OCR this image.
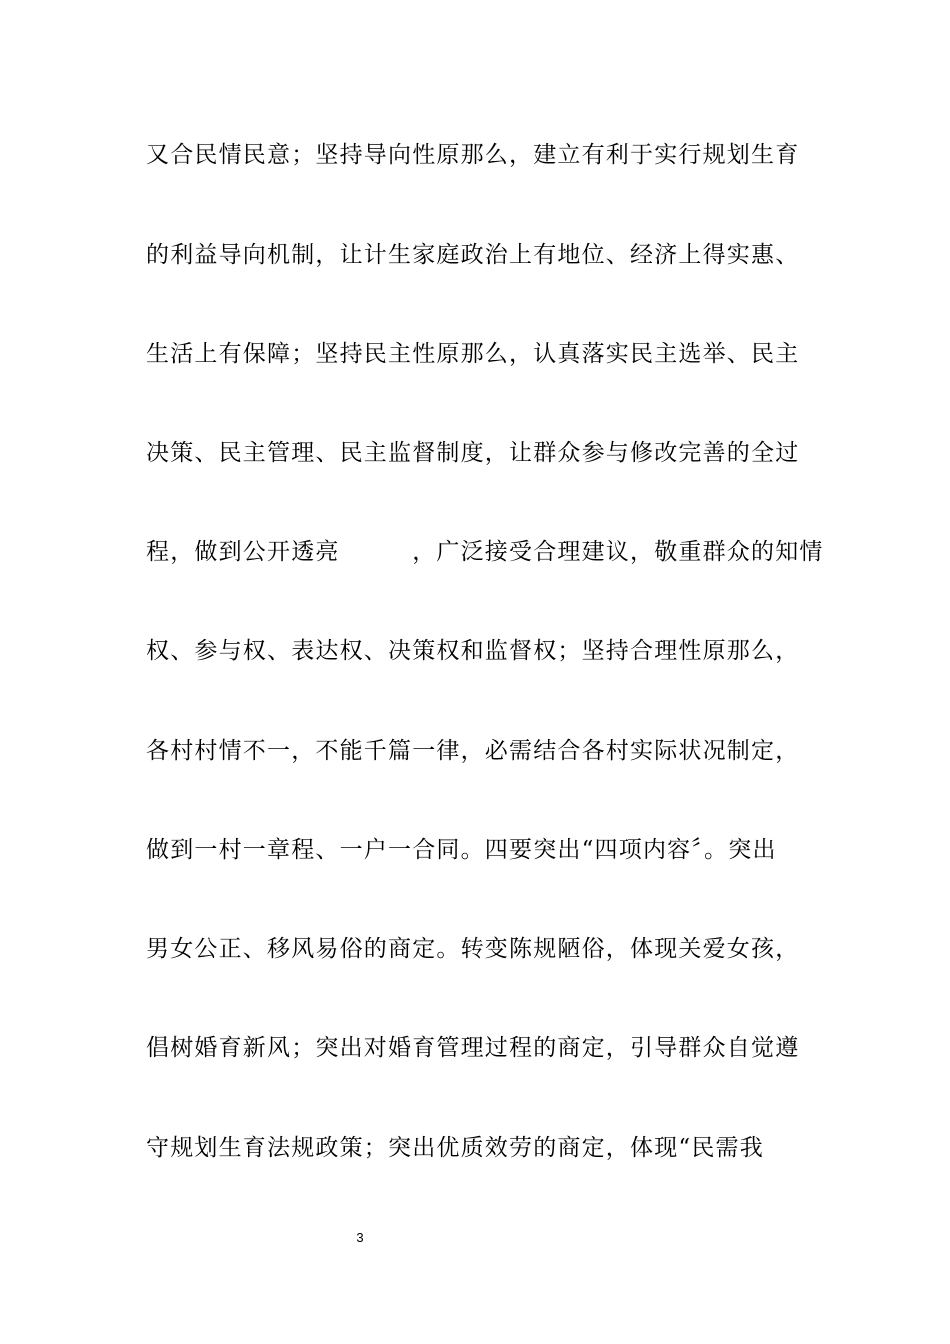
又合民情民意；坚持导向性原那么，建立有利于实行规划生育
的利益导向机制，让计生家庭政治上有地位、经济上得实惠、
生活上有保障；坚持民主性原那么，认真落实民主选举、民主
决策、民主管理、民主监督制度，让群众参与修改完善的全过
程，做到公开透亮　　　，广泛接受合理建议，敬重群众的知情
权、参与权、表达权、决策权和监督权；坚持合理性原那么，
各村村情不一，不能千篇一律，必需结合各村实际状况制定，
做到一村一章程、一户一合同。四要突出“四项内容〞。突出
男女公正、移风易俗的商定。转变陈规陋俗，体现关爱女孩，
倡树婚育新风；突出对婚育管理过程的商定，引导群众自觉遵
守规划生育法规政策；突出优质效劳的商定，体现“民需我
3
